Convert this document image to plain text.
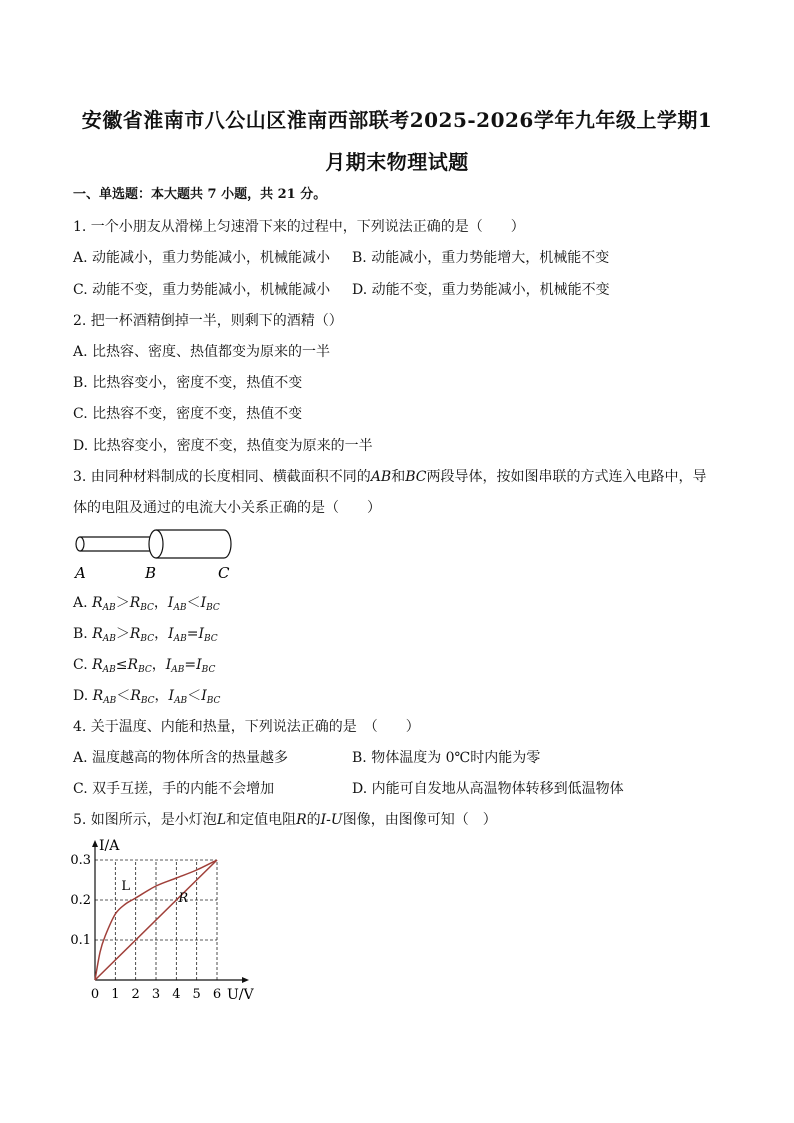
安徽省淮南市八公山区淮南西部联考2025-2026学年九年级上学期1
月期末物理试题
一、单选题：本大题共 7 小题，共 21 分。
1. 一个小朋友从滑梯上匀速滑下来的过程中，下列说法正确的是（　　）
A. 动能减小，重力势能减小，机械能减小 B. 动能减小，重力势能增大，机械能不变
C. 动能不变，重力势能减小，机械能减小 D. 动能不变，重力势能减小，机械能不变
2. 把一杯酒精倒掉一半，则剩下的酒精（）
A. 比热容、密度、热值都变为原来的一半
B. 比热容变小，密度不变，热值不变
C. 比热容不变，密度不变，热值不变
D. 比热容变小，密度不变，热值变为原来的一半
3. 由同种材料制成的长度相同、横截面积不同的AB和BC两段导体，按如图串联的方式连入电路中，导
体的电阻及通过的电流大小关系正确的是（　　）
A	B	C
A. $R_{AB}>R_{BC}$，$I_{AB}<I_{BC}$
B. $R_{AB}>R_{BC}$，$I_{AB}=I_{BC}$
C. $R_{AB}\le R_{BC}$，$I_{AB}=I_{BC}$
D. $R_{AB}<R_{BC}$，$I_{AB}<I_{BC}$
4. 关于温度、内能和热量，下列说法正确的是　（　　）
A. 温度越高的物体所含的热量越多	B. 物体温度为 0℃时内能为零
C. 双手互搓，手的内能不会增加	D. 内能可自发地从高温物体转移到低温物体
5. 如图所示，是小灯泡L和定值电阻R的I-U图像，由图像可知（　）
L
R
0 1 2 3 4 5 6
0.1
0.2
0.3
I/A
U/V
